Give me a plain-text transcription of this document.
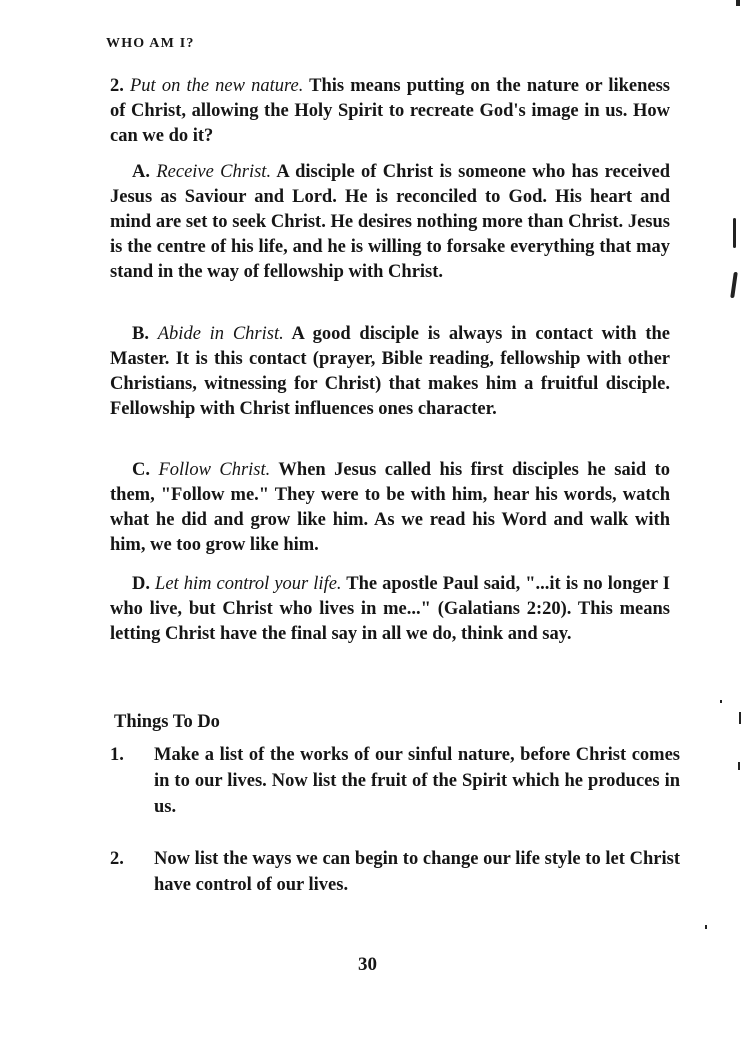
WHO AM I?

2. Put on the new nature. This means putting on the nature or likeness of Christ, allowing the Holy Spirit to recreate God's image in us. How can we do it?

A. Receive Christ. A disciple of Christ is someone who has received Jesus as Saviour and Lord. He is reconciled to God. His heart and mind are set to seek Christ. He desires nothing more than Christ. Jesus is the centre of his life, and he is willing to forsake everything that may stand in the way of fellowship with Christ.

B. Abide in Christ. A good disciple is always in contact with the Master. It is this contact (prayer, Bible reading, fellowship with other Christians, witnessing for Christ) that makes him a fruitful disciple. Fellowship with Christ influences ones character.

C. Follow Christ. When Jesus called his first disciples he said to them, "Follow me." They were to be with him, hear his words, watch what he did and grow like him. As we read his Word and walk with him, we too grow like him.

D. Let him control your life. The apostle Paul said, "...it is no longer I who live, but Christ who lives in me..." (Galatians 2:20). This means letting Christ have the final say in all we do, think and say.

Things To Do
1.	Make a list of the works of our sinful nature, before Christ comes in to our lives. Now list the fruit of the Spirit which he produces in us.
2.	Now list the ways we can begin to change our life style to let Christ have control of our lives.
30
